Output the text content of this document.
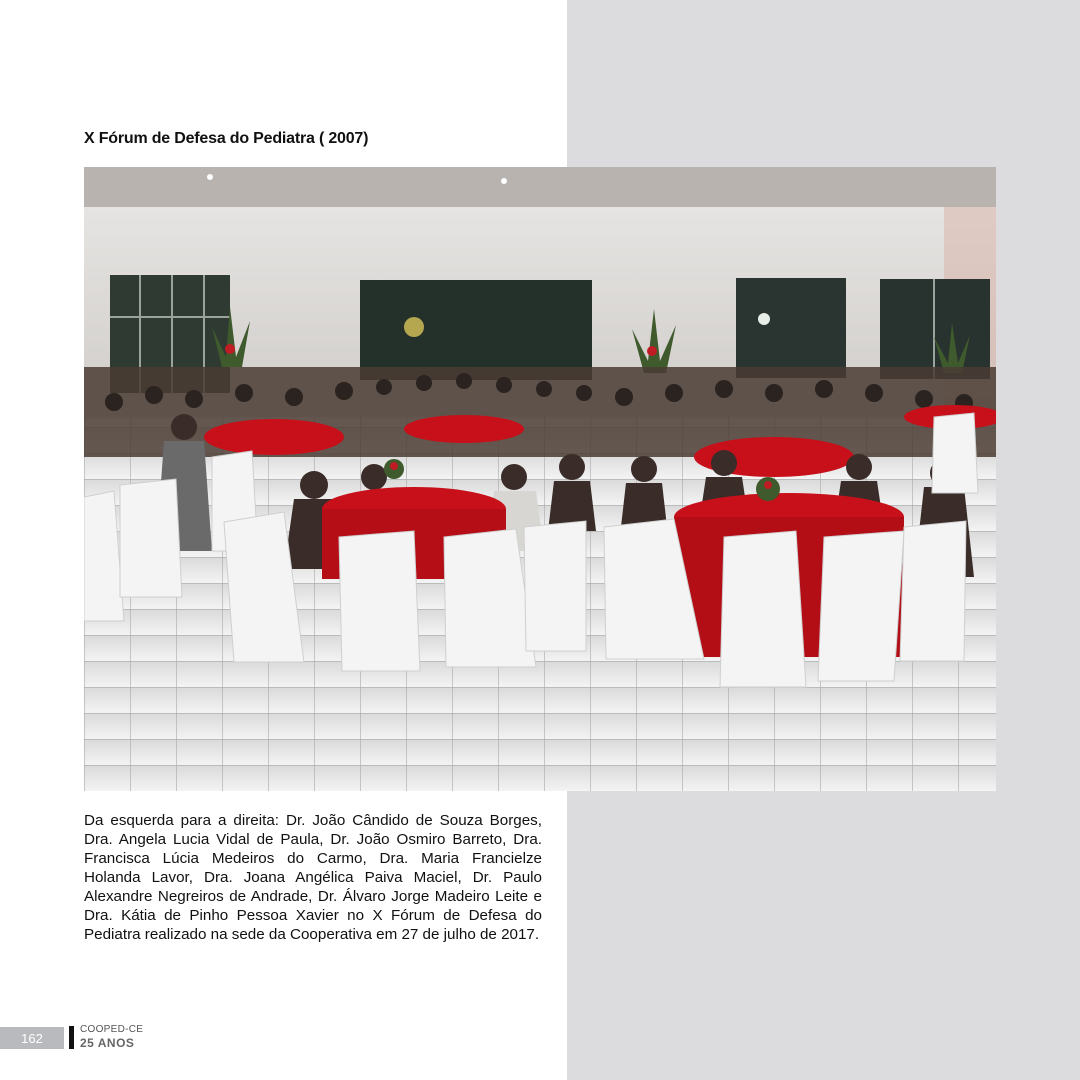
X Fórum de Defesa do Pediatra ( 2007)

Da esquerda para a direita: Dr. João Cândido de Souza Borges, Dra. Angela Lucia Vidal de Paula, Dr. João Osmiro Barreto, Dra. Francisca Lúcia Medeiros do Carmo, Dra. Maria Francielze Holanda Lavor, Dra. Joana Angélica Paiva Maciel, Dr. Paulo Alexandre Negreiros de Andrade, Dr. Álvaro Jorge Madeiro Leite e Dra. Kátia de Pinho Pessoa Xavier no X Fórum de Defesa do Pediatra realizado na sede da Cooperativa em 27 de julho de 2017.

162
COOPED-CE
25 ANOS
